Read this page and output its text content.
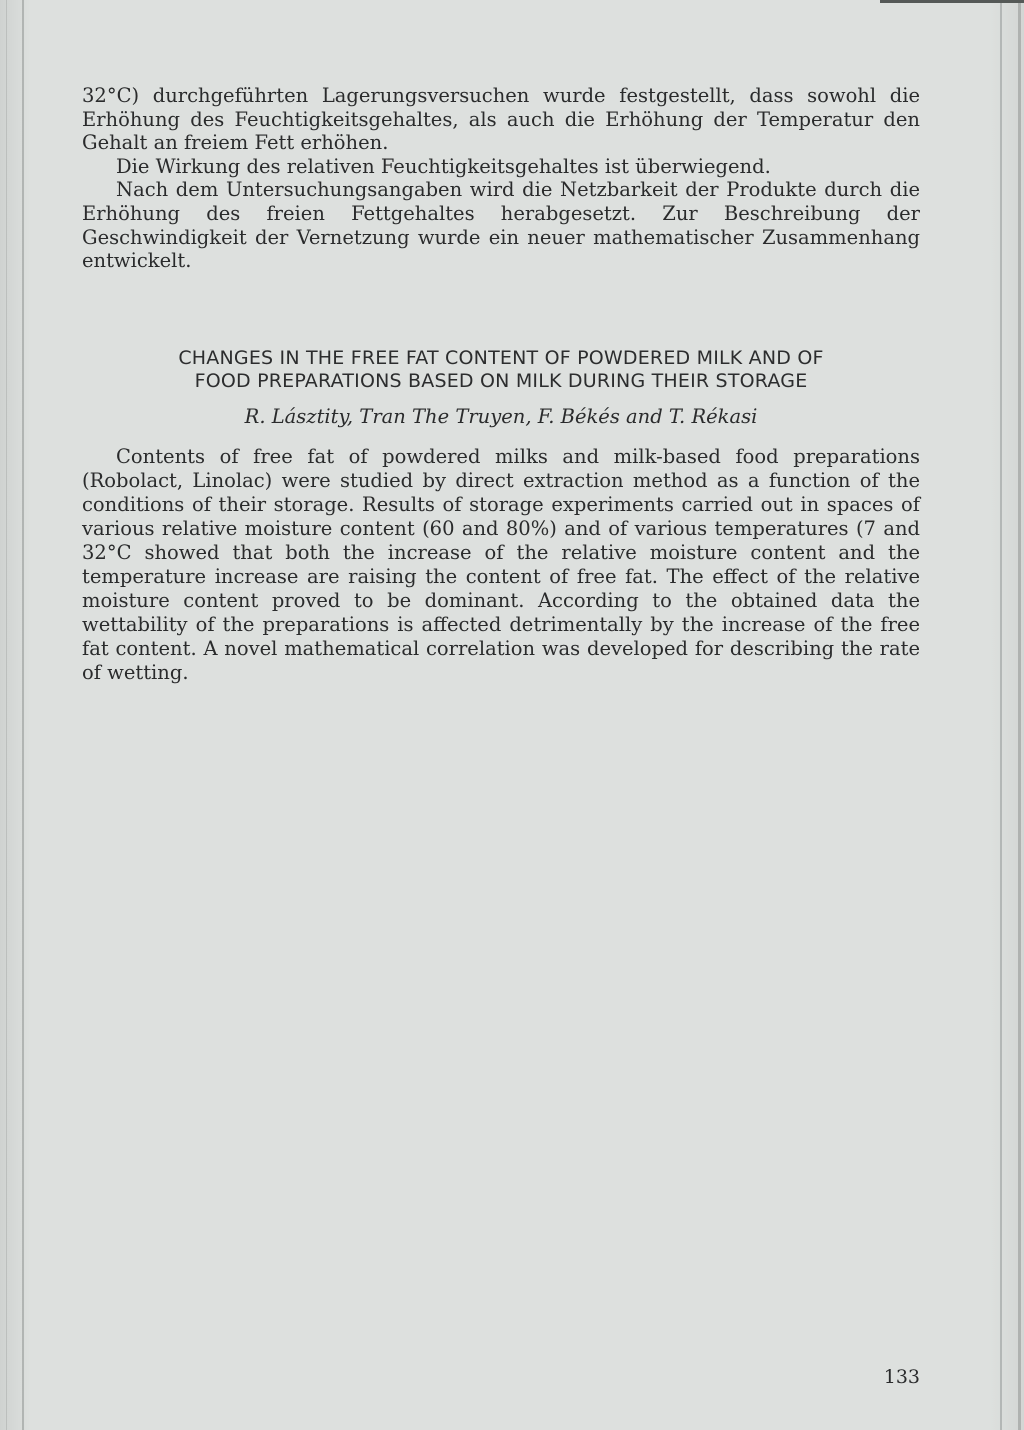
32°C) durchgeführten Lagerungsversuchen wurde festgestellt, dass sowohl die Erhöhung des Feuchtigkeitsgehaltes, als auch die Erhöhung der Temperatur den Gehalt an freiem Fett erhöhen.

Die Wirkung des relativen Feuchtigkeitsgehaltes ist überwiegend.

Nach dem Untersuchungsangaben wird die Netzbarkeit der Produkte durch die Erhöhung des freien Fettgehaltes herabgesetzt. Zur Beschreibung der Geschwindigkeit der Vernetzung wurde ein neuer mathematischer Zusammenhang entwickelt.

CHANGES IN THE FREE FAT CONTENT OF POWDERED MILK AND OF
FOOD PREPARATIONS BASED ON MILK DURING THEIR STORAGE

R. Lásztity, Tran The Truyen, F. Békés and T. Rékasi

Contents of free fat of powdered milks and milk-based food preparations (Robolact, Linolac) were studied by direct extraction method as a function of the conditions of their storage. Results of storage experiments carried out in spaces of various relative moisture content (60 and 80%) and of various temperatures (7 and 32°C showed that both the increase of the relative moisture content and the temperature increase are raising the content of free fat. The effect of the relative moisture content proved to be dominant. According to the obtained data the wettability of the preparations is affected detrimentally by the increase of the free fat content. A novel mathematical correlation was developed for describing the rate of wetting.

133
